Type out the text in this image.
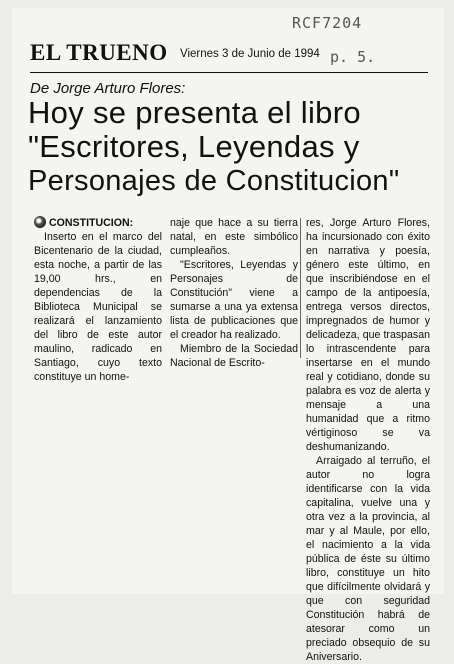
RCF7204
p. 5.
EL TRUENO Viernes 3 de Junio de 1994
De Jorge Arturo Flores:
Hoy se presenta el libro
"Escritores, Leyendas y
Personajes de Constitucion"

CONSTITUCION:

Inserto en el marco del Bicentenario de la ciudad, esta noche, a partir de las 19,00 hrs., en dependencias de la Biblioteca Municipal se realizará el lanzamiento del libro de este autor maulino, radicado en Santiago, cuyo texto constituye un home-

naje que hace a su tierra natal, en este simbólico cumpleaños.

"Escritores, Leyendas y Personajes de Constitución" viene a sumarse a una ya extensa lista de publicaciones que el creador ha realizado.

Miembro de la Sociedad Nacional de Escrito-

res, Jorge Arturo Flores, ha incursionado con éxito en narrativa y poesía, género este último, en que inscribiéndose en el campo de la antipoesía, entrega versos directos, impregnados de humor y delicadeza, que traspasan lo intrascendente para insertarse en el mundo real y cotidiano, donde su palabra es voz de alerta y mensaje a una humanidad que a ritmo vértiginoso se va deshumanizando.

Arraigado al terruño, el autor no logra identificarse con la vida capitalina, vuelve una y otra vez a la provincia, al mar y al Maule, por ello, el nacimiento a la vida pública de éste su último libro, constituye un hito que difícilmente olvidará y que con seguridad Constitución habrá de atesorar como un preciado obsequio de su Aniversario.
